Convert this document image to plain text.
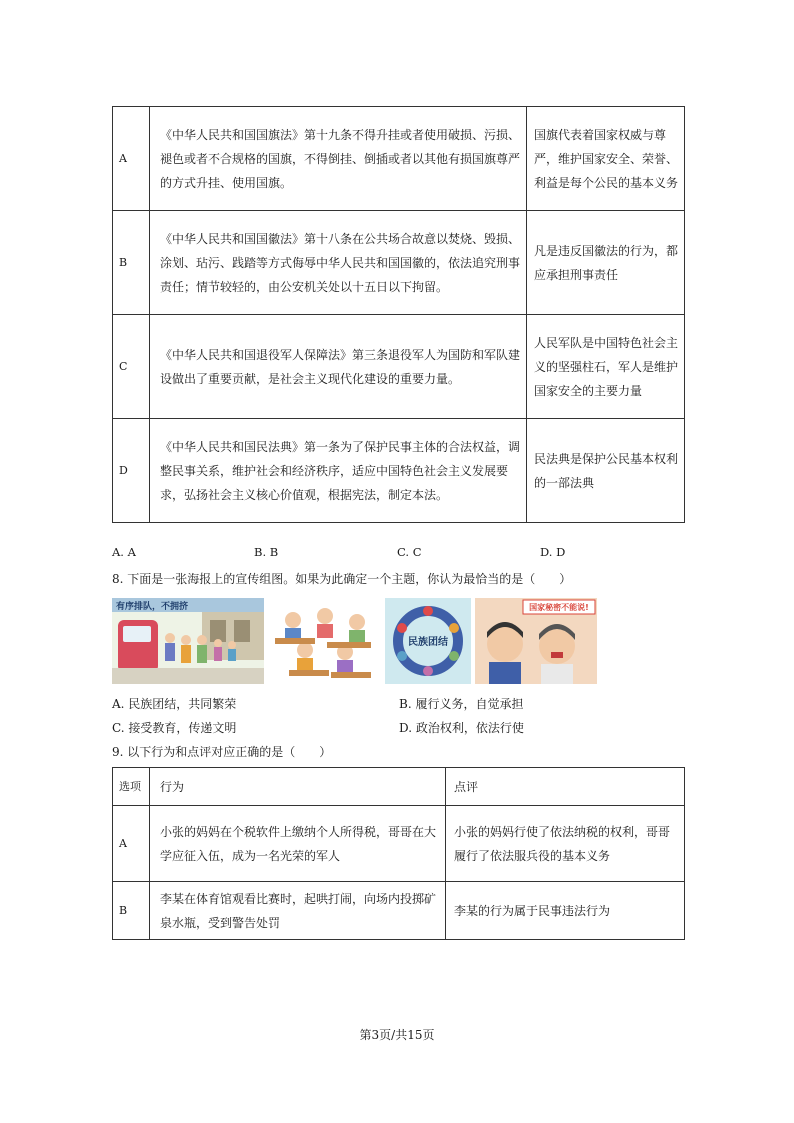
A	《中华人民共和国国旗法》第十九条不得升挂或者使用破损、污损、褪色或者不合规格的国旗，不得倒挂、倒插或者以其他有损国旗尊严的方式升挂、使用国旗。	国旗代表着国家权威与尊严，维护国家安全、荣誉、利益是每个公民的基本义务
B	《中华人民共和国国徽法》第十八条在公共场合故意以焚烧、毁损、涂划、玷污、践踏等方式侮辱中华人民共和国国徽的，依法追究刑事责任；情节较轻的，由公安机关处以十五日以下拘留。	凡是违反国徽法的行为，都应承担刑事责任
C	《中华人民共和国退役军人保障法》第三条退役军人为国防和军队建设做出了重要贡献，是社会主义现代化建设的重要力量。	人民军队是中国特色社会主义的坚强柱石，军人是维护国家安全的主要力量
D	《中华人民共和国民法典》第一条为了保护民事主体的合法权益，调整民事关系，维护社会和经济秩序，适应中国特色社会主义发展要求，弘扬社会主义核心价值观，根据宪法，制定本法。	民法典是保护公民基本权利的一部法典
A. A	B. B	C. C	D. D
8. 下面是一张海报上的宣传组图。如果为此确定一个主题，你认为最恰当的是（　　）
有序排队，不拥挤
民族团结
国家秘密不能说!
A. 民族团结，共同繁荣	B. 履行义务，自觉承担
C. 接受教育，传递文明	D. 政治权利，依法行使
9. 以下行为和点评对应正确的是（　　）
选项	行为	点评
A	小张的妈妈在个税软件上缴纳个人所得税，哥哥在大学应征入伍，成为一名光荣的军人	小张的妈妈行使了依法纳税的权利，哥哥履行了依法服兵役的基本义务
B	李某在体育馆观看比赛时，起哄打闹，向场内投掷矿泉水瓶，受到警告处罚	李某的行为属于民事违法行为
第3页/共15页
